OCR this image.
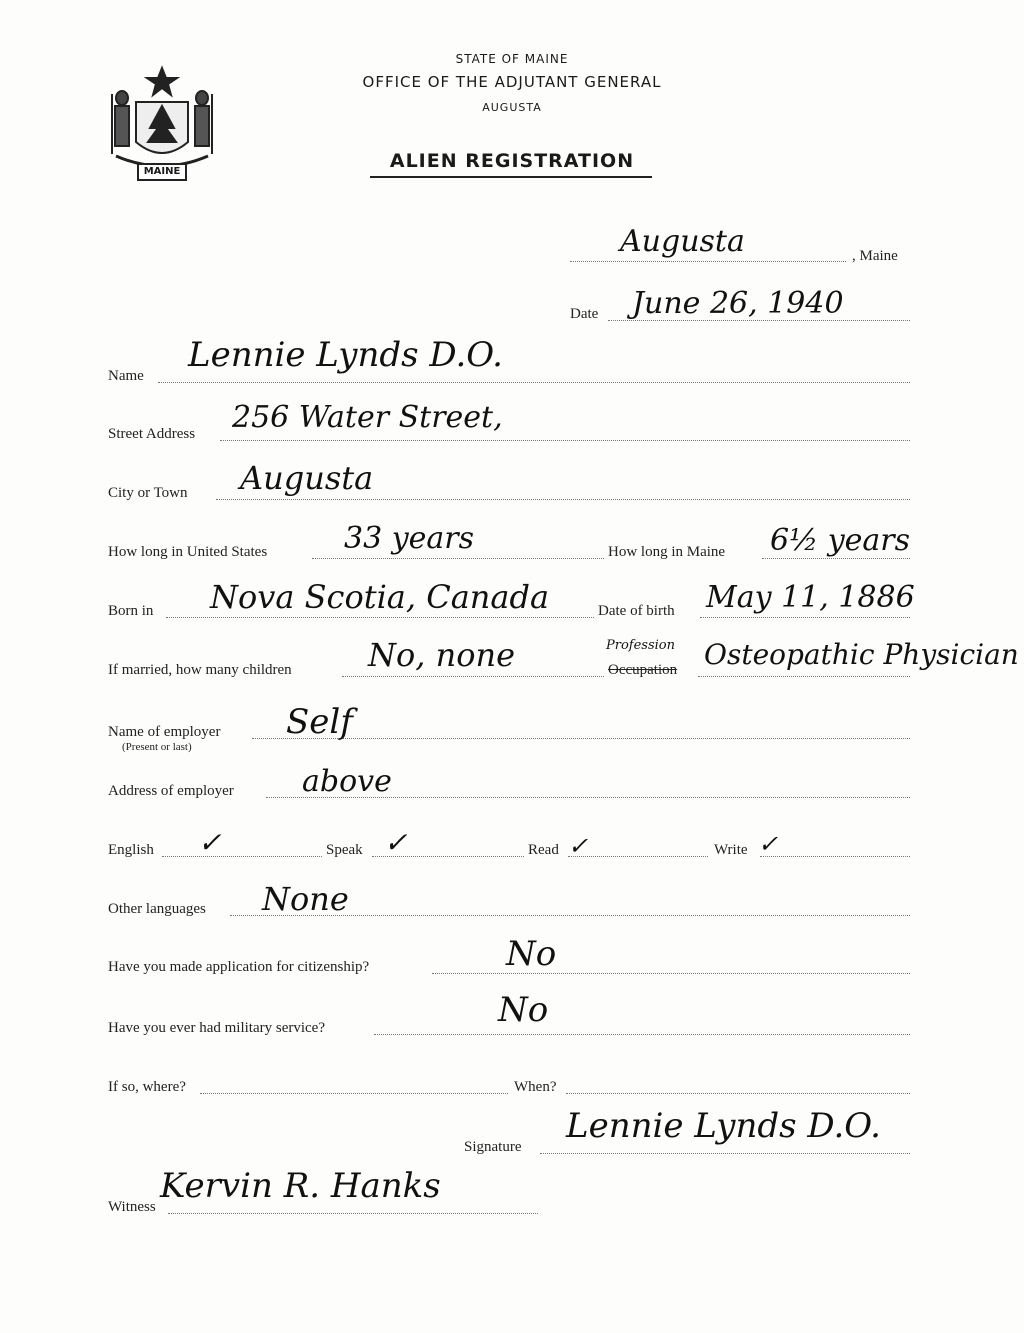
MAINE
STATE OF MAINE
OFFICE OF THE ADJUTANT GENERAL
AUGUSTA
ALIEN REGISTRATION
Augusta	, Maine
Date June 26, 1940
Name
Lennie Lynds D.O.
Street Address 256 Water Street,
City or Town Augusta
How long in United States	33 years	How long in Maine 6½ years
Born in Nova Scotia, Canada	Date of birth May 11, 1886
If married, how many children No, none	Profession
Occupation Osteopathic Physician
Name of employer
(Present or last)
Self
Address of employer above
English ✓	Speak ✓	Read ✓	Write ✓
Other languages None
Have you made application for citizenship?	No
Have you ever had military service?	No
If so, where?	When?
Signature
Lennie Lynds D.O.
Witness
Kervin R. Hanks
